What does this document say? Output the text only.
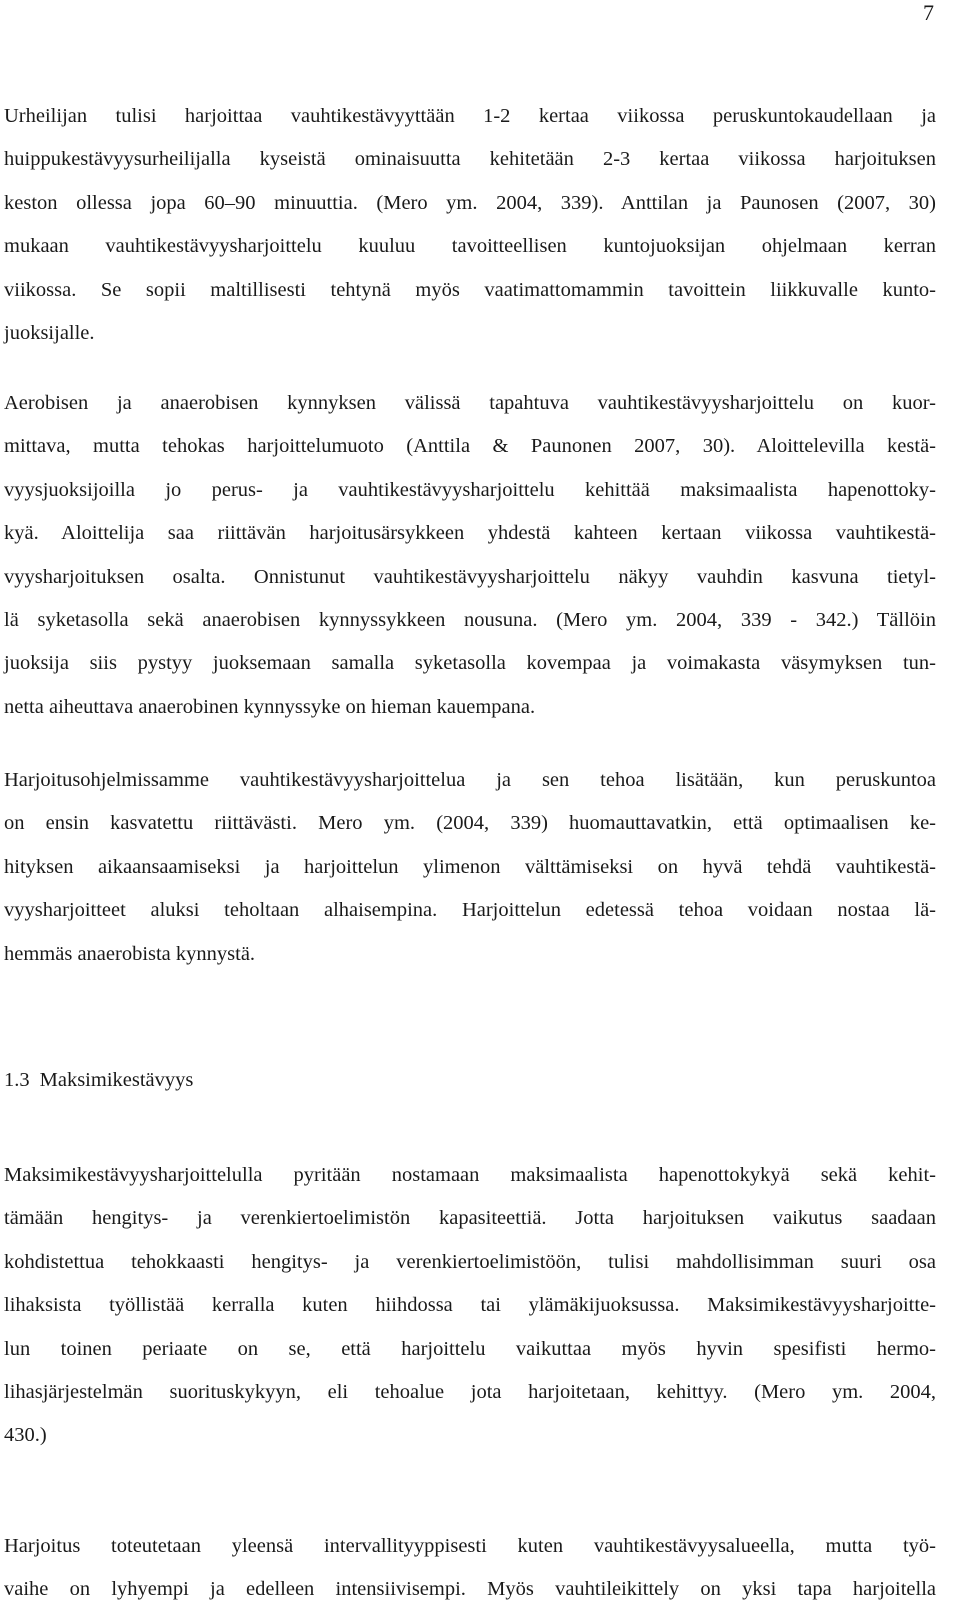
7

Urheilijan tulisi harjoittaa vauhtikestävyyttään 1-2 kertaa viikossa peruskuntokaudellaan ja
huippukestävyysurheilijalla kyseistä ominaisuutta kehitetään 2-3 kertaa viikossa harjoituksen
keston ollessa jopa 60–90 minuuttia. (Mero ym. 2004, 339). Anttilan ja Paunosen (2007, 30)
mukaan vauhtikestävyysharjoittelu kuuluu tavoitteellisen kuntojuoksijan ohjelmaan kerran
viikossa. Se sopii maltillisesti tehtynä myös vaatimattomammin tavoittein liikkuvalle kunto-
juoksijalle.

Aerobisen ja anaerobisen kynnyksen välissä tapahtuva vauhtikestävyysharjoittelu on kuor-
mittava, mutta tehokas harjoittelumuoto (Anttila & Paunonen 2007, 30). Aloittelevilla kestä-
vyysjuoksijoilla jo perus- ja vauhtikestävyysharjoittelu kehittää maksimaalista hapenottoky-
kyä. Aloittelija saa riittävän harjoitusärsykkeen yhdestä kahteen kertaan viikossa vauhtikestä-
vyysharjoituksen osalta. Onnistunut vauhtikestävyysharjoittelu näkyy vauhdin kasvuna tietyl-
lä syketasolla sekä anaerobisen kynnyssykkeen nousuna. (Mero ym. 2004, 339 - 342.) Tällöin
juoksija siis pystyy juoksemaan samalla syketasolla kovempaa ja voimakasta väsymyksen tun-
netta aiheuttava anaerobinen kynnyssyke on hieman kauempana.

Harjoitusohjelmissamme vauhtikestävyysharjoittelua ja sen tehoa lisätään, kun peruskuntoa
on ensin kasvatettu riittävästi. Mero ym. (2004, 339) huomauttavatkin, että optimaalisen ke-
hityksen aikaansaamiseksi ja harjoittelun ylimenon välttämiseksi on hyvä tehdä vauhtikestä-
vyysharjoitteet aluksi teholtaan alhaisempina. Harjoittelun edetessä tehoa voidaan nostaa lä-
hemmäs anaerobista kynnystä.

1.3 Maksimikestävyys

Maksimikestävyysharjoittelulla pyritään nostamaan maksimaalista hapenottokykyä sekä kehit-
tämään hengitys- ja verenkiertoelimistön kapasiteettiä. Jotta harjoituksen vaikutus saadaan
kohdistettua tehokkaasti hengitys- ja verenkiertoelimistöön, tulisi mahdollisimman suuri osa
lihaksista työllistää kerralla kuten hiihdossa tai ylämäkijuoksussa. Maksimikestävyysharjoitte-
lun toinen periaate on se, että harjoittelu vaikuttaa myös hyvin spesifisti hermo-
lihasjärjestelmän suorituskykyyn, eli tehoalue jota harjoitetaan, kehittyy. (Mero ym. 2004,
430.)

Harjoitus toteutetaan yleensä intervallityyppisesti kuten vauhtikestävyysalueella, mutta työ-
vaihe on lyhyempi ja edelleen intensiivisempi. Myös vauhtileikittely on yksi tapa harjoitella
